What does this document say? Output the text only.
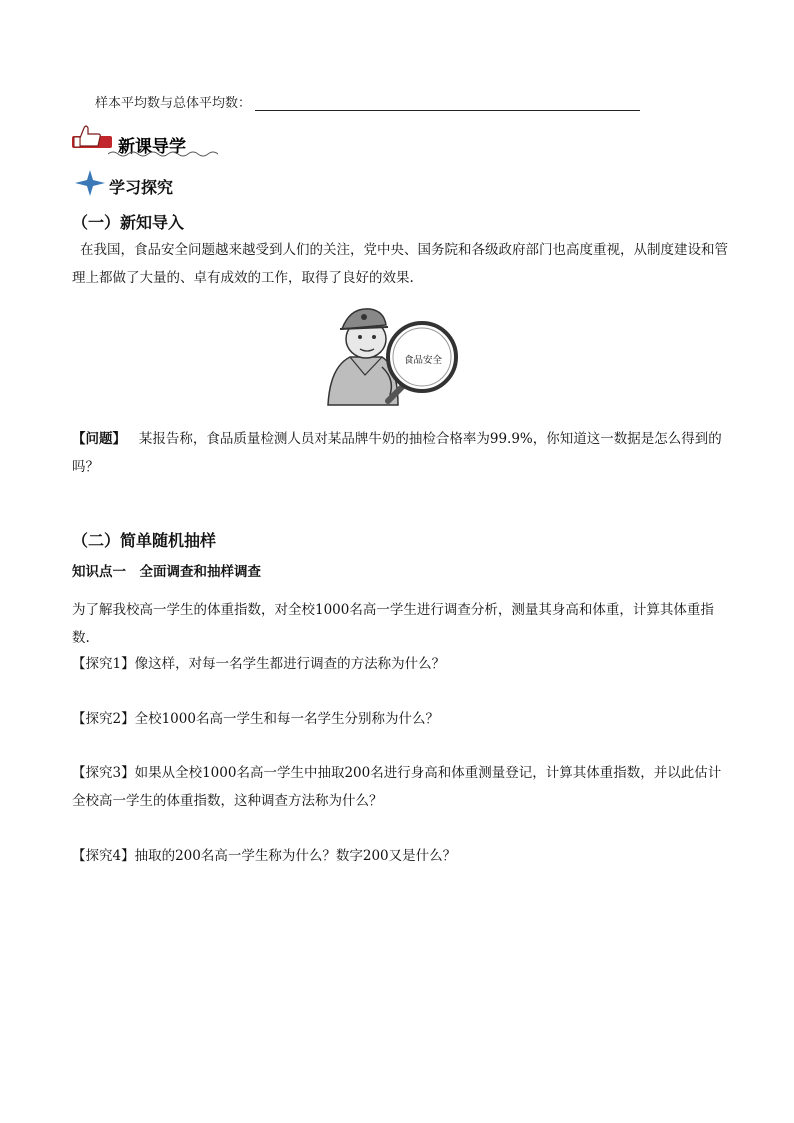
样本平均数与总体平均数：
新课导学
学习探究
（一）新知导入
在我国，食品安全问题越来越受到人们的关注，党中央、国务院和各级政府部门也高度重视，从制度建设和管理上都做了大量的、卓有成效的工作，取得了良好的效果.
食品安全
【问题】 某报告称，食品质量检测人员对某品牌牛奶的抽检合格率为99.9%，你知道这一数据是怎么得到的吗？
（二）简单随机抽样
知识点一　全面调查和抽样调查
为了解我校高一学生的体重指数，对全校1000名高一学生进行调查分析，测量其身高和体重，计算其体重指数.
【探究1】像这样，对每一名学生都进行调查的方法称为什么？
【探究2】全校1000名高一学生和每一名学生分别称为什么？
【探究3】如果从全校1000名高一学生中抽取200名进行身高和体重测量登记，计算其体重指数，并以此估计全校高一学生的体重指数，这种调查方法称为什么？
【探究4】抽取的200名高一学生称为什么？数字200又是什么？
